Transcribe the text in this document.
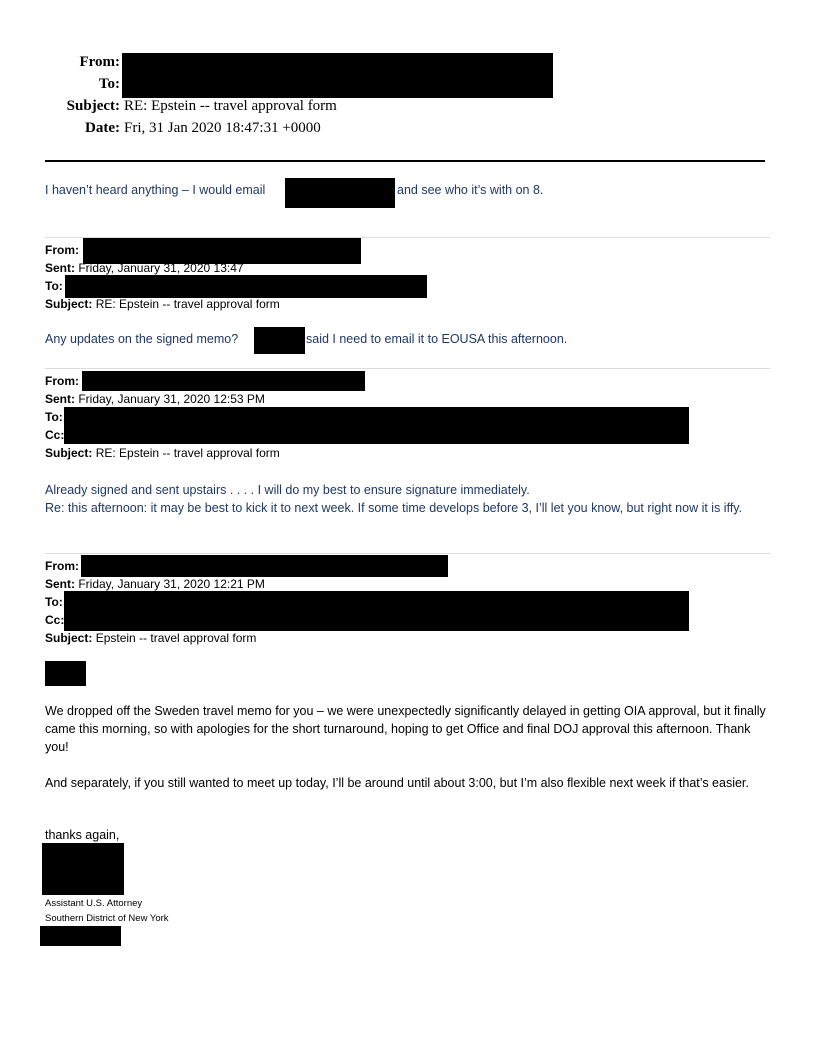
From:
To:
Subject: RE: Epstein -- travel approval form
Date: Fri, 31 Jan 2020 18:47:31 +0000
I haven’t heard anything – I would email	and see who it’s with on 8.
From:
Sent: Friday, January 31, 2020 13:47
To:
Subject: RE: Epstein -- travel approval form
Any updates on the signed memo?	said I need to email it to EOUSA this afternoon.
From:
Sent: Friday, January 31, 2020 12:53 PM
To:
Cc:
Subject: RE: Epstein -- travel approval form

Already signed and sent upstairs . . . . I will do my best to ensure signature immediately.

Re: this afternoon: it may be best to kick it to next week. If some time develops before 3, I’ll let you know, but right now it is iffy.

From:
Sent: Friday, January 31, 2020 12:21 PM
To:
Cc:
Subject: Epstein -- travel approval form
We dropped off the Sweden travel memo for you – we were unexpectedly significantly delayed in getting OIA approval, but it finally came this morning, so with apologies for the short turnaround, hoping to get Office and final DOJ approval this afternoon. Thank you!
And separately, if you still wanted to meet up today, I’ll be around until about 3:00, but I’m also flexible next week if that’s easier.
thanks again,
Assistant U.S. Attorney
Southern District of New York
